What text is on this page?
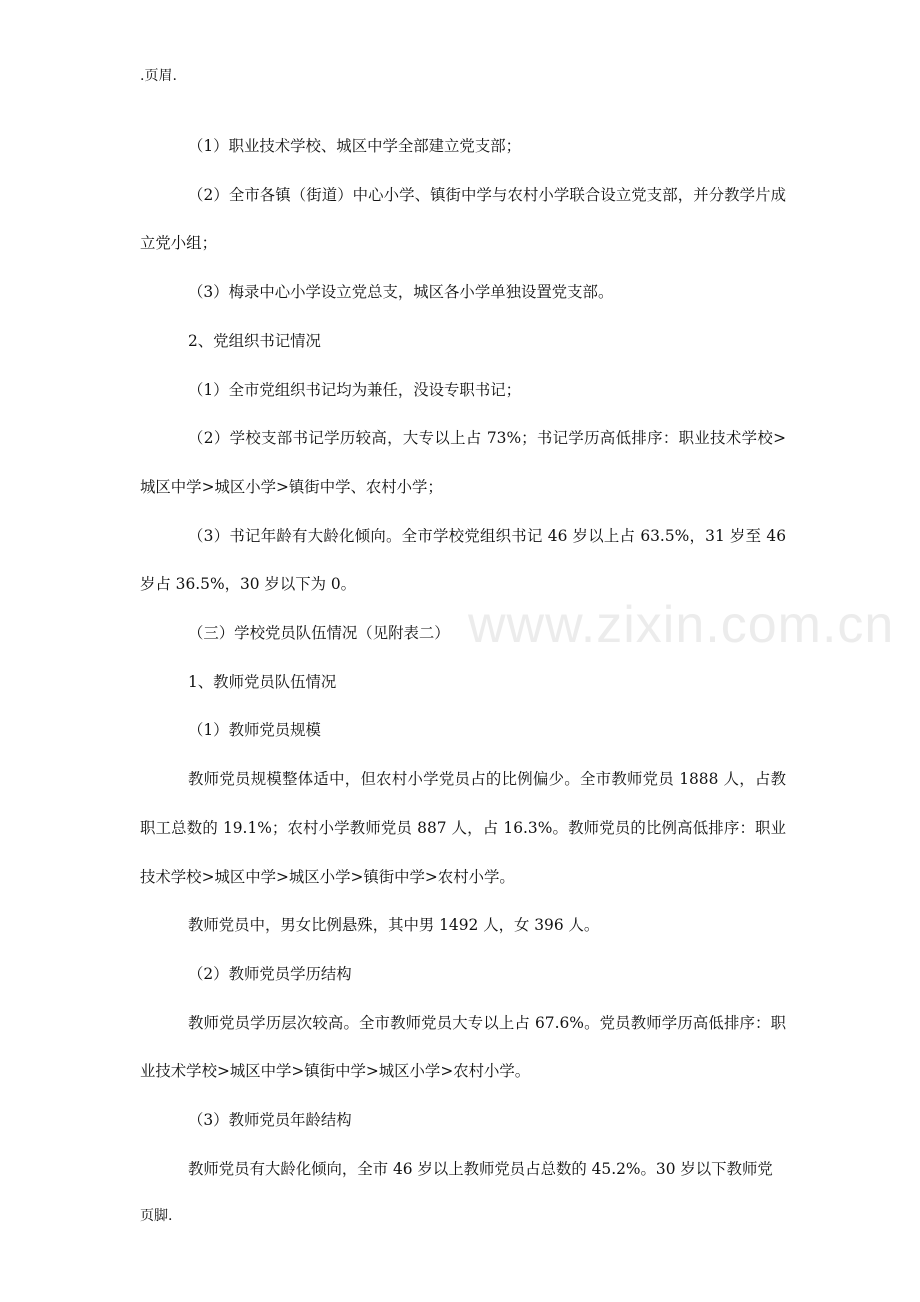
.页眉.
www.zixin.com.cn

（1）职业技术学校、城区中学全部建立党支部；

（2）全市各镇（街道）中心小学、镇街中学与农村小学联合设立党支部，并分教学片成立党小组；

（3）梅录中心小学设立党总支，城区各小学单独设置党支部。

2、党组织书记情况

（1）全市党组织书记均为兼任，没设专职书记；

（2）学校支部书记学历较高，大专以上占 73%；书记学历高低排序：职业技术学校>城区中学>城区小学>镇街中学、农村小学；

（3）书记年龄有大龄化倾向。全市学校党组织书记 46 岁以上占 63.5%，31 岁至 46 岁占 36.5%，30 岁以下为 0。

（三）学校党员队伍情况（见附表二）

1、教师党员队伍情况

（1）教师党员规模

教师党员规模整体适中，但农村小学党员占的比例偏少。全市教师党员 1888 人，占教职工总数的 19.1%；农村小学教师党员 887 人，占 16.3%。教师党员的比例高低排序：职业技术学校>城区中学>城区小学>镇街中学>农村小学。

教师党员中，男女比例悬殊，其中男 1492 人，女 396 人。

（2）教师党员学历结构

教师党员学历层次较高。全市教师党员大专以上占 67.6%。党员教师学历高低排序：职业技术学校>城区中学>镇街中学>城区小学>农村小学。

（3）教师党员年龄结构

教师党员有大龄化倾向，全市 46 岁以上教师党员占总数的 45.2%。30 岁以下教师党

页脚.
